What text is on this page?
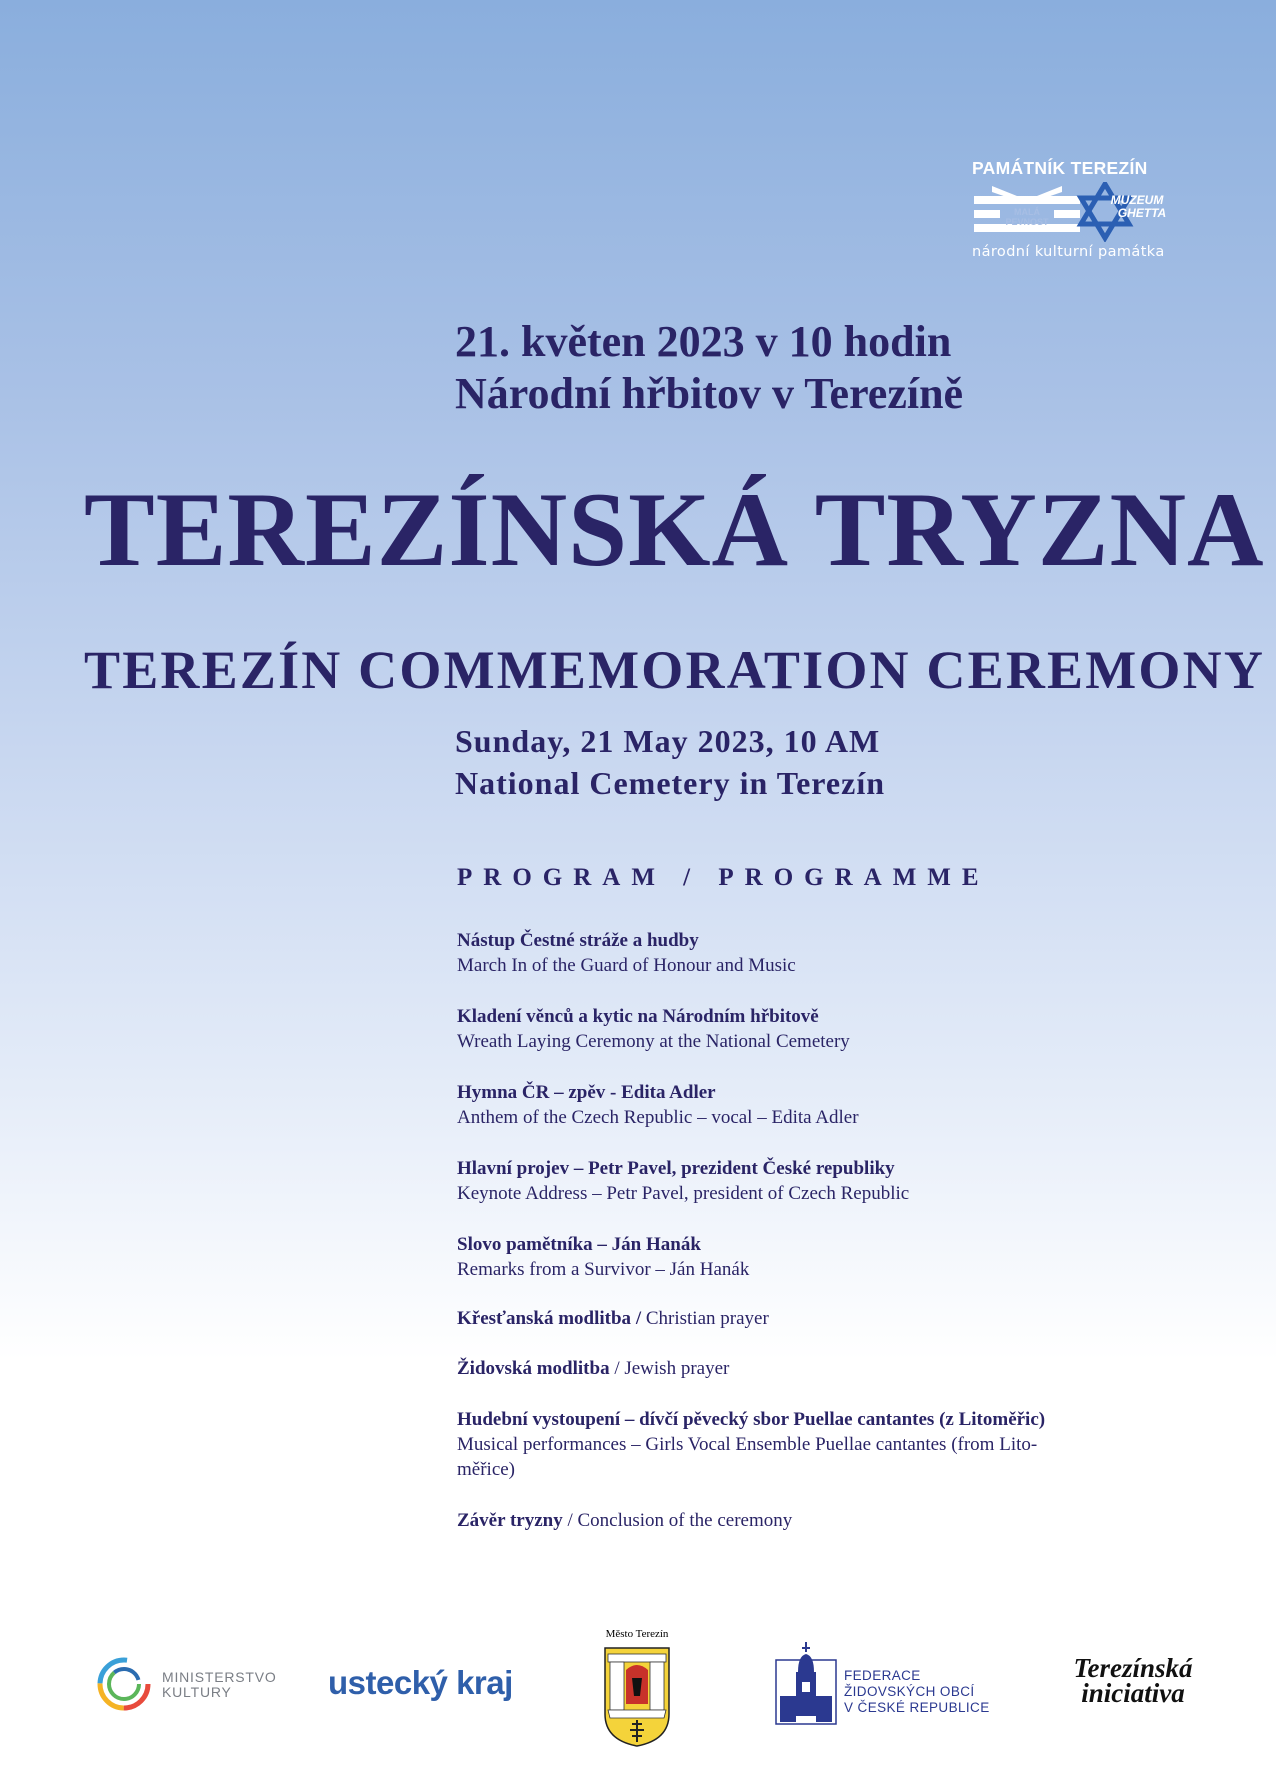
PAMÁTNÍK TEREZÍN
MALÁ
PEVNOST
MUZEUM
GHETTA
národní kulturní památka
21. květen 2023 v 10 hodin
Národní hřbitov v Terezíně
TEREZÍNSKÁ TRYZNA
TEREZÍN COMMEMORATION CEREMONY
Sunday, 21 May 2023, 10 AM
National Cemetery in Terezín
PROGRAM / PROGRAMME
Nástup Čestné stráže a hudby
March In of the Guard of Honour and Music
Kladení věnců a kytic na Národním hřbitově
Wreath Laying Ceremony at the National Cemetery
Hymna ČR – zpěv - Edita Adler
Anthem of the Czech Republic – vocal – Edita Adler
Hlavní projev – Petr Pavel, prezident České republiky
Keynote Address – Petr Pavel, president of Czech Republic
Slovo pamětníka – Ján Hanák
Remarks from a Survivor – Ján Hanák
Křesťanská modlitba / Christian prayer
Židovská modlitba / Jewish prayer
Hudební vystoupení – dívčí pěvecký sbor Puellae cantantes (z Litoměřic)
Musical performances – Girls Vocal Ensemble Puellae cantantes (from Lito-
měřice)
Závěr tryzny / Conclusion of the ceremony
MINISTERSTVO
KULTURY	ustecký kraj
Město Terezín
FEDERACE
ŽIDOVSKÝCH OBCÍ
V ČESKÉ REPUBLICE
Terezínská
iniciativa
